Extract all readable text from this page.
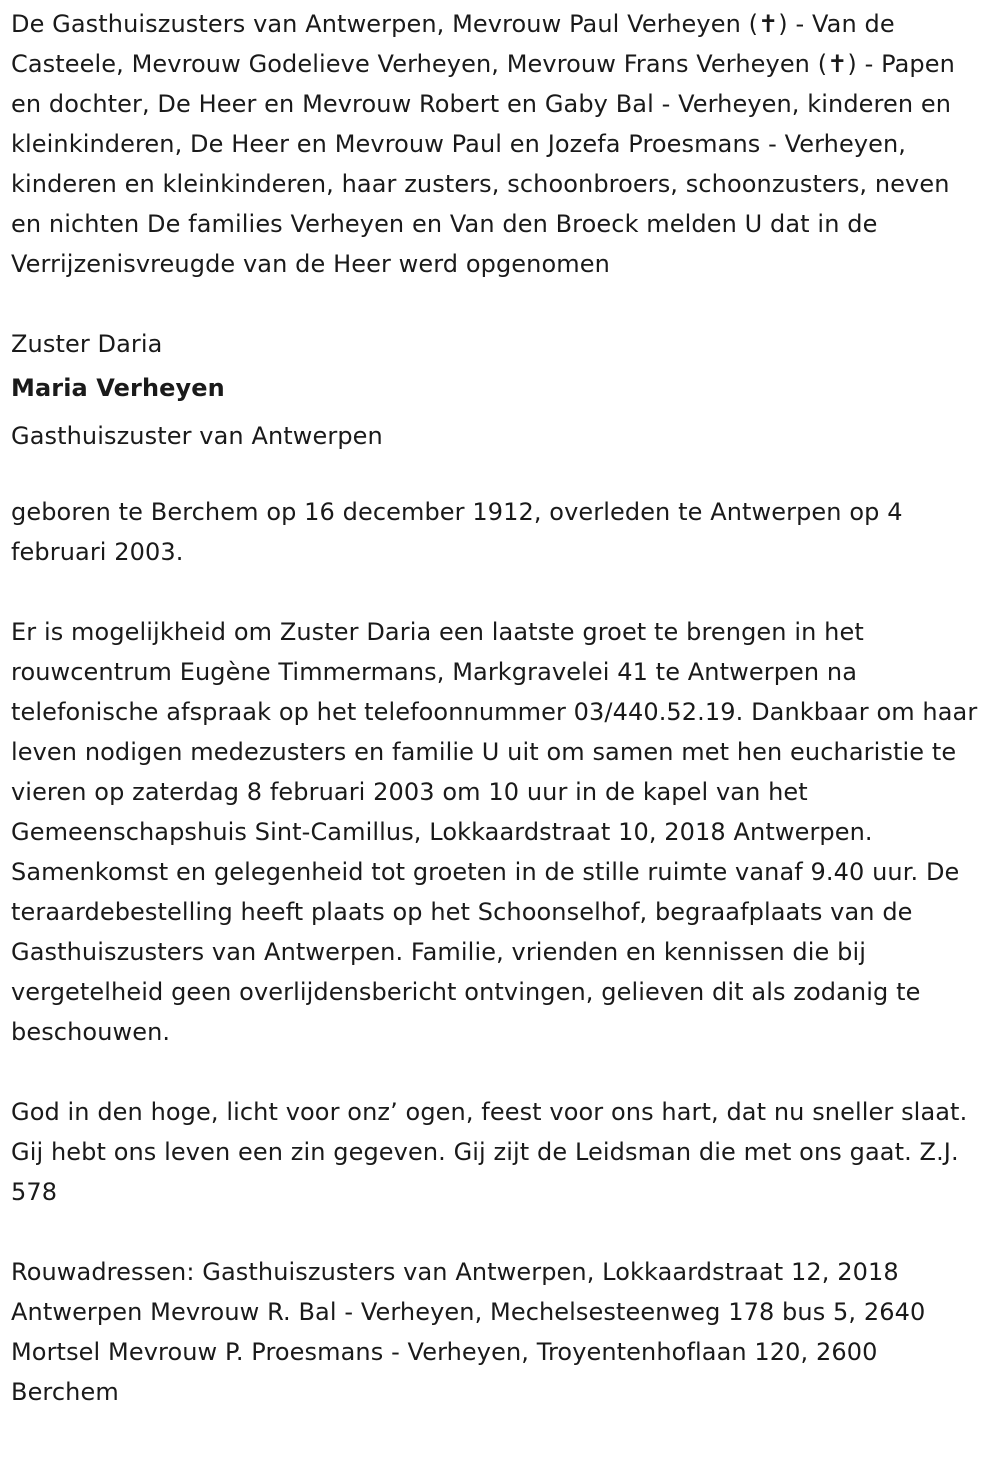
De Gasthuiszusters van Antwerpen, Mevrouw Paul Verheyen (✝) - Van de Casteele, Mevrouw Godelieve Verheyen, Mevrouw Frans Verheyen (✝) - Papen en dochter, De Heer en Mevrouw Robert en Gaby Bal - Verheyen, kinderen en kleinkinderen, De Heer en Mevrouw Paul en Jozefa Proesmans - Verheyen, kinderen en kleinkinderen, haar zusters, schoonbroers, schoonzusters, neven en nichten De families Verheyen en Van den Broeck melden U dat in de Verrijzenisvreugde van de Heer werd opgenomen

Zuster Daria

Maria Verheyen

Gasthuiszuster van Antwerpen

geboren te Berchem op 16 december 1912, overleden te Antwerpen op 4 februari 2003.

Er is mogelijkheid om Zuster Daria een laatste groet te brengen in het rouwcentrum Eugène Timmermans, Markgravelei 41 te Antwerpen na telefonische afspraak op het telefoonnummer 03/440.52.19. Dankbaar om haar leven nodigen medezusters en familie U uit om samen met hen eucharistie te vieren op zaterdag 8 februari 2003 om 10 uur in de kapel van het Gemeenschapshuis Sint-Camillus, Lokkaardstraat 10, 2018 Antwerpen. Samenkomst en gelegenheid tot groeten in de stille ruimte vanaf 9.40 uur. De teraardebestelling heeft plaats op het Schoonselhof, begraafplaats van de Gasthuiszusters van Antwerpen. Familie, vrienden en kennissen die bij vergetelheid geen overlijdensbericht ontvingen, gelieven dit als zodanig te beschouwen.

God in den hoge, licht voor onz’ ogen, feest voor ons hart, dat nu sneller slaat. Gij hebt ons leven een zin gegeven. Gij zijt de Leidsman die met ons gaat. Z.J. 578

Rouwadressen: Gasthuiszusters van Antwerpen, Lokkaardstraat 12, 2018 Antwerpen Mevrouw R. Bal - Verheyen, Mechelsesteenweg 178 bus 5, 2640 Mortsel Mevrouw P. Proesmans - Verheyen, Troyentenhoflaan 120, 2600 Berchem
